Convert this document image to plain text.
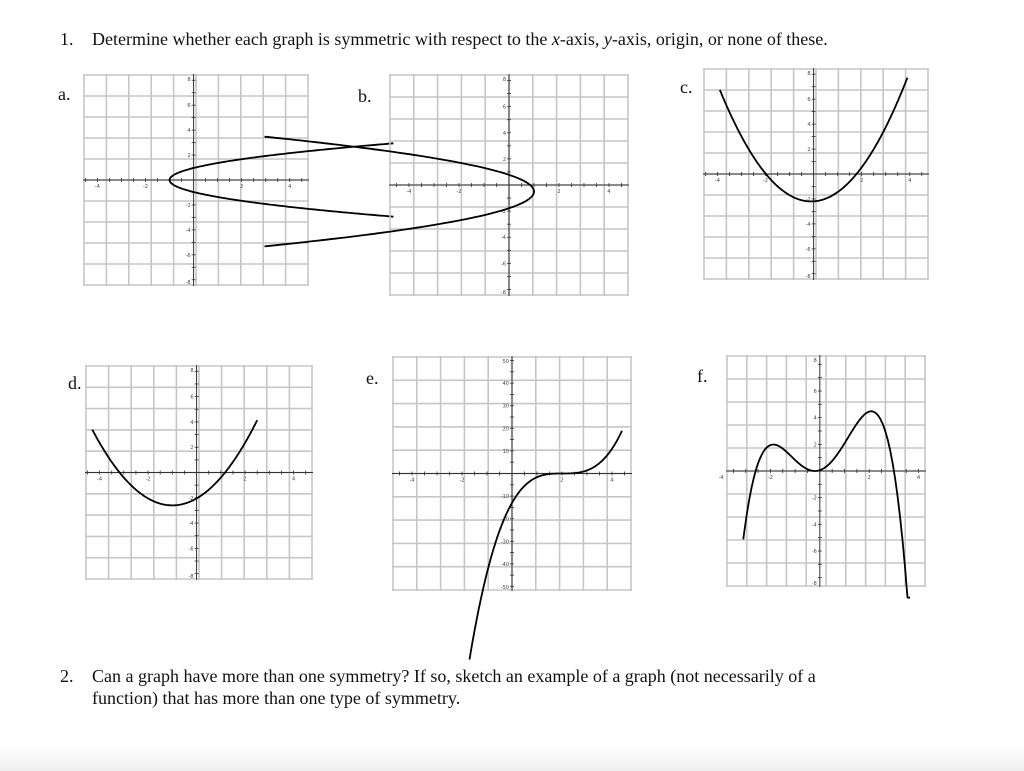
1. Determine whether each graph is symmetric with respect to the x-axis, y-axis, origin, or none of these.
a.	b.	c.
d.	e.	f.
-4	-2	2	4
6
4
2
-2
-4
-6
8
-8
-4	-2	2	4
6
4
2
-2
-4
-6
8
-8
-4	-2	2	4
6
4
2
-2
-4
-6
8
-8
-4	-2	2	4
6
4
2
-2
-4
-6
8
-8
-4	-2	2	4
40
30
20
10
-10
-20
-30
-40
50
-50
-4	-2	2	4
6
4
2
-2
-4
-6
8
-8
2. Can a graph have more than one symmetry? If so, sketch an example of a graph (not necessarily of a
function) that has more than one type of symmetry.
